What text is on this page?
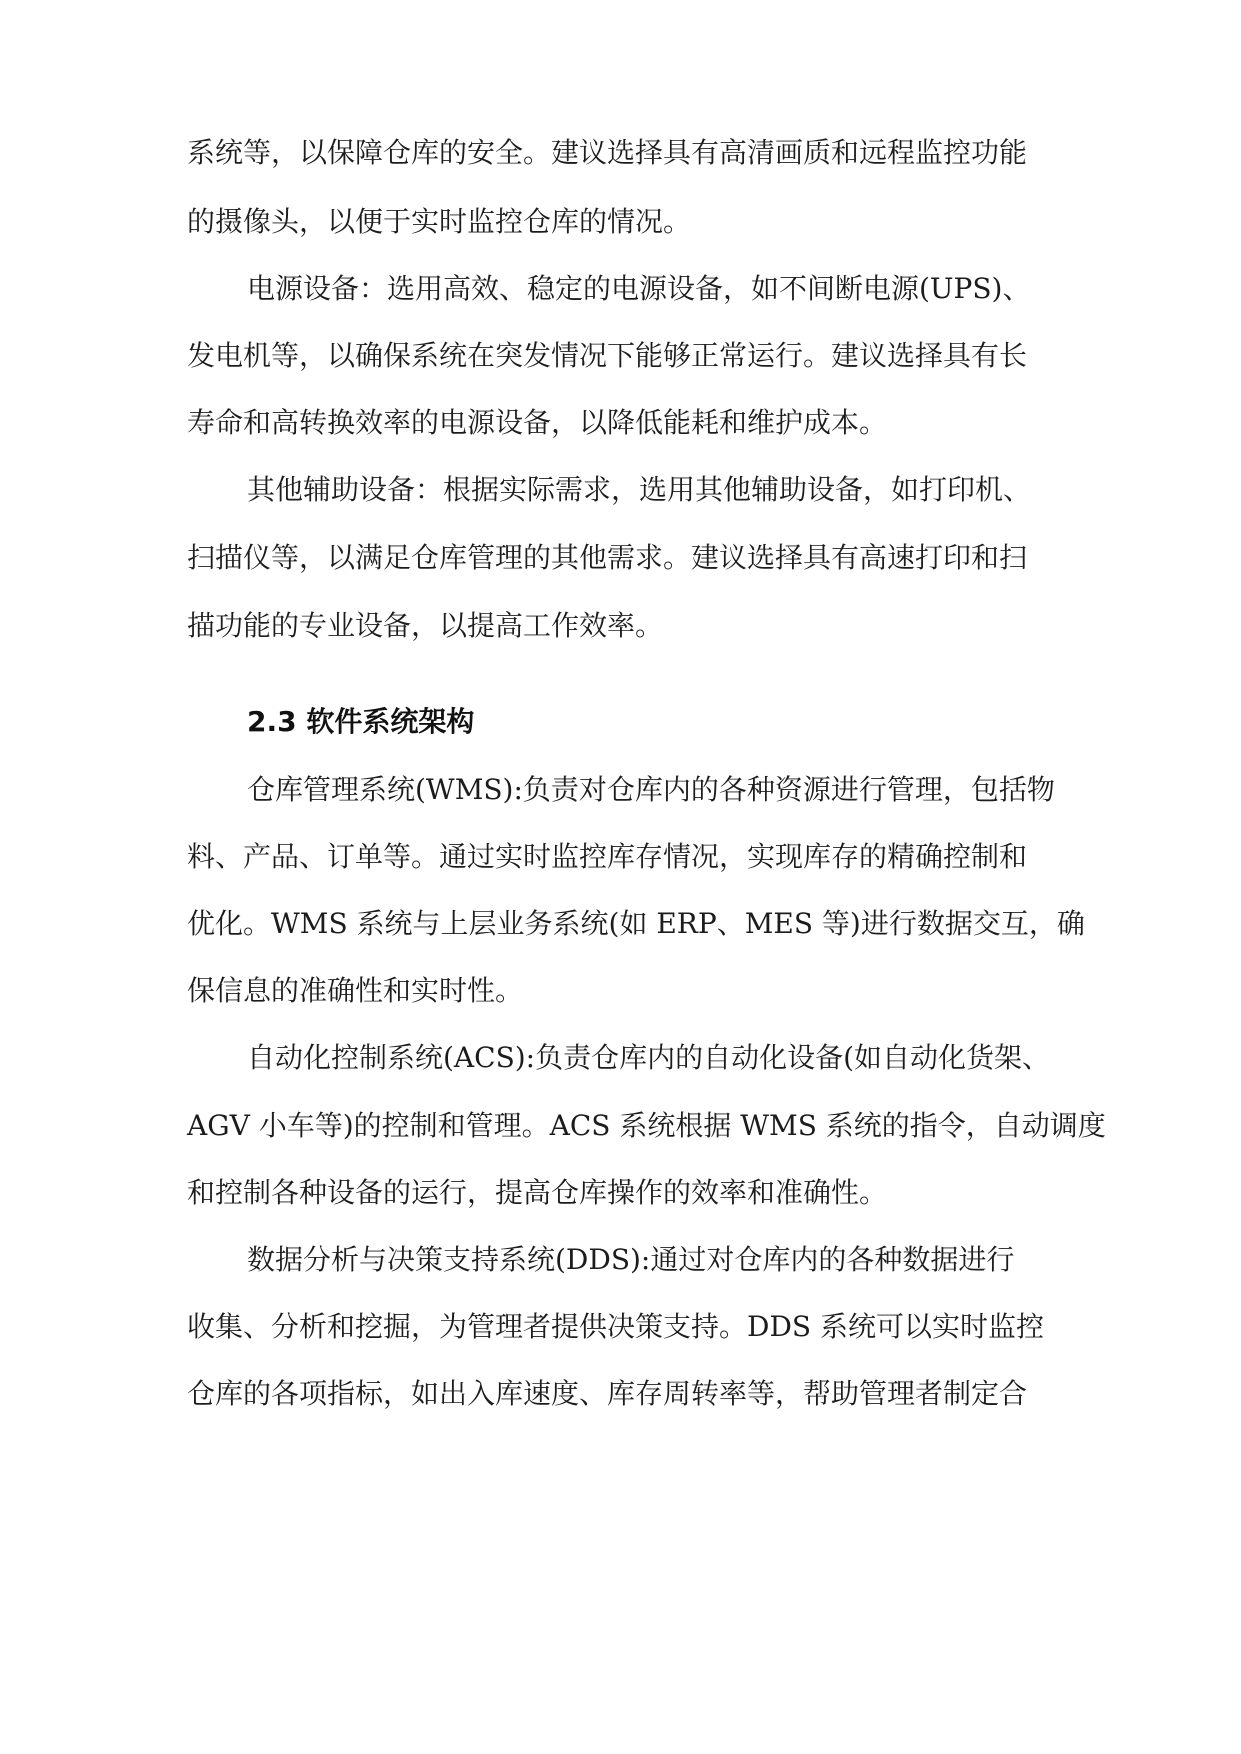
系统等，以保障仓库的安全。建议选择具有高清画质和远程监控功能
的摄像头，以便于实时监控仓库的情况。
电源设备：选用高效、稳定的电源设备，如不间断电源(UPS)、
发电机等，以确保系统在突发情况下能够正常运行。建议选择具有长
寿命和高转换效率的电源设备，以降低能耗和维护成本。
其他辅助设备：根据实际需求，选用其他辅助设备，如打印机、
扫描仪等，以满足仓库管理的其他需求。建议选择具有高速打印和扫
描功能的专业设备，以提高工作效率。
2.3 软件系统架构
仓库管理系统(WMS):负责对仓库内的各种资源进行管理，包括物
料、产品、订单等。通过实时监控库存情况，实现库存的精确控制和
优化。WMS 系统与上层业务系统(如 ERP、MES 等)进行数据交互，确
保信息的准确性和实时性。
自动化控制系统(ACS):负责仓库内的自动化设备(如自动化货架、
AGV 小车等)的控制和管理。ACS 系统根据 WMS 系统的指令，自动调度
和控制各种设备的运行，提高仓库操作的效率和准确性。
数据分析与决策支持系统(DDS):通过对仓库内的各种数据进行
收集、分析和挖掘，为管理者提供决策支持。DDS 系统可以实时监控
仓库的各项指标，如出入库速度、库存周转率等，帮助管理者制定合
